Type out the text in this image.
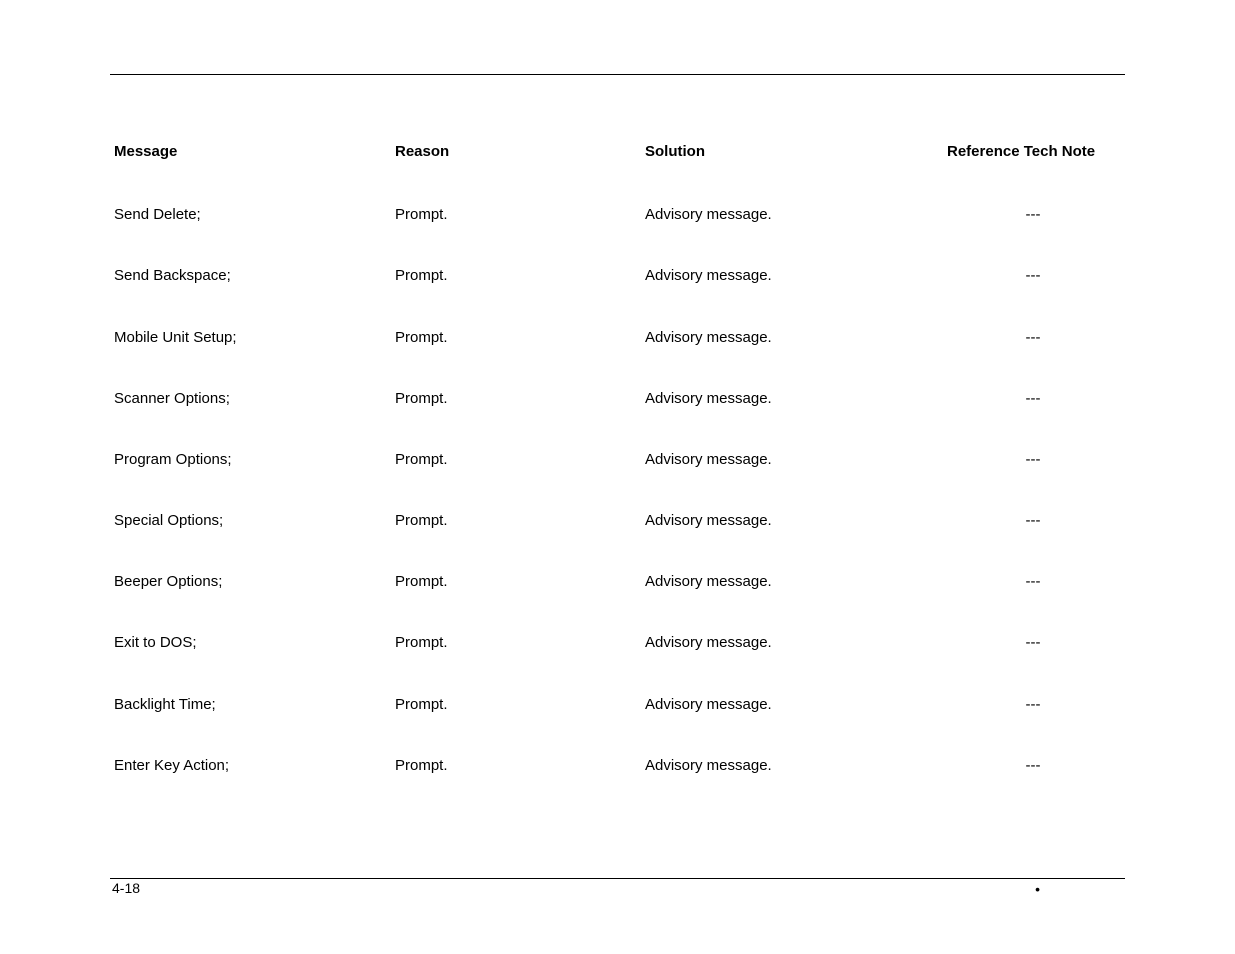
Message	Reason	Solution	Reference Tech Note
Send Delete;	Prompt.	Advisory message.	---
Send Backspace;	Prompt.	Advisory message.	---
Mobile Unit Setup;	Prompt.	Advisory message.	---
Scanner Options;	Prompt.	Advisory message.	---
Program Options;	Prompt.	Advisory message.	---
Special Options;	Prompt.	Advisory message.	---
Beeper Options;	Prompt.	Advisory message.	---
Exit to DOS;	Prompt.	Advisory message.	---
Backlight Time;	Prompt.	Advisory message.	---
Enter Key Action;	Prompt.	Advisory message.	---
4-18	•
